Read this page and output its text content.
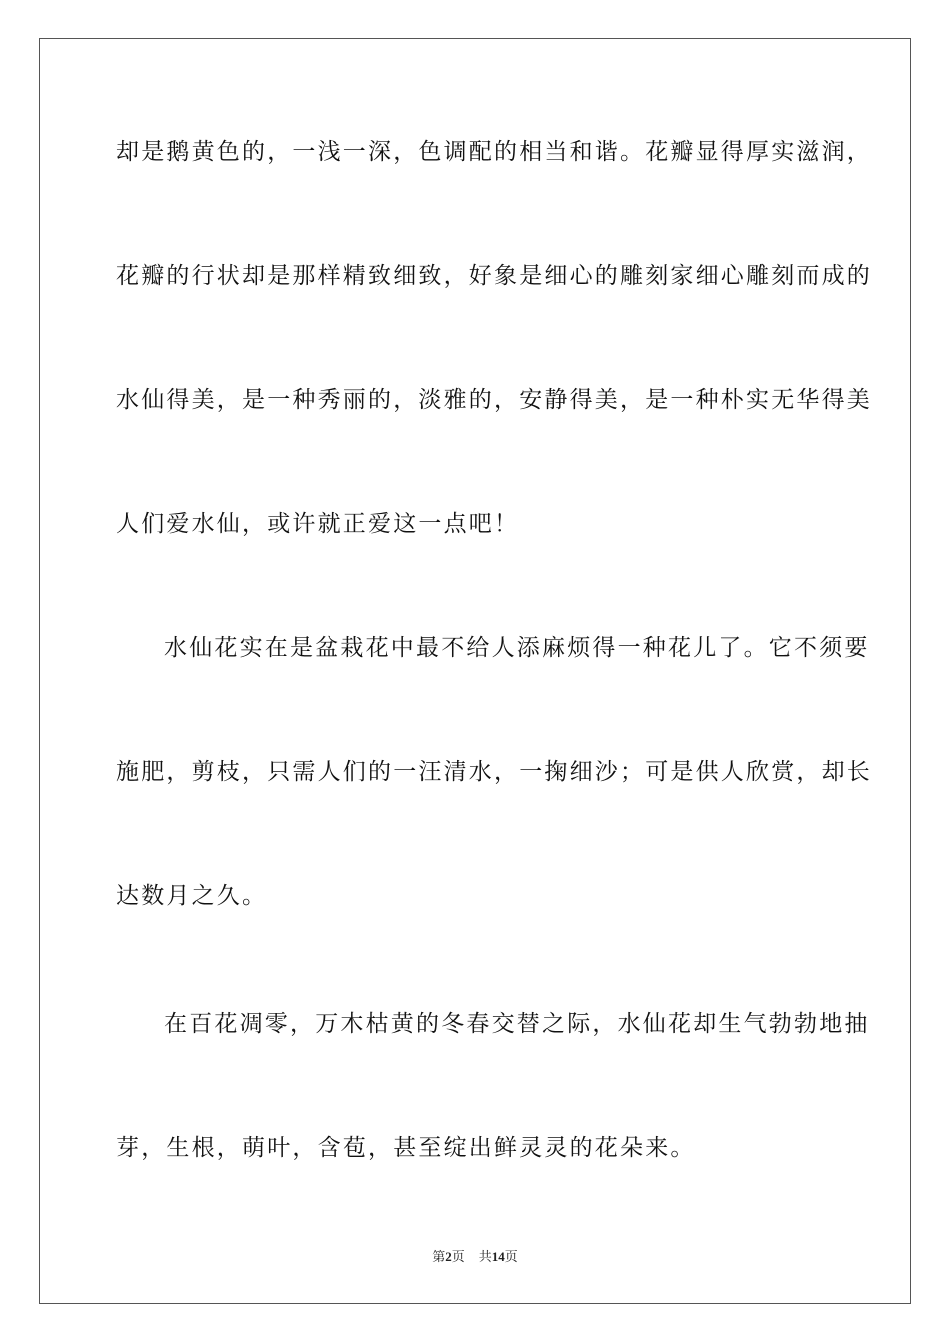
却是鹅黄色的，一浅一深，色调配的相当和谐。花瓣显得厚实滋润，

花瓣的行状却是那样精致细致，好象是细心的雕刻家细心雕刻而成的

水仙得美，是一种秀丽的，淡雅的，安静得美，是一种朴实无华得美

人们爱水仙，或许就正爱这一点吧！

水仙花实在是盆栽花中最不给人添麻烦得一种花儿了。它不须要

施肥，剪枝，只需人们的一汪清水，一掬细沙；可是供人欣赏，却长

达数月之久。

在百花凋零，万木枯黄的冬春交替之际，水仙花却生气勃勃地抽

芽，生根，萌叶，含苞，甚至绽出鲜灵灵的花朵来。

第2页 共14页
